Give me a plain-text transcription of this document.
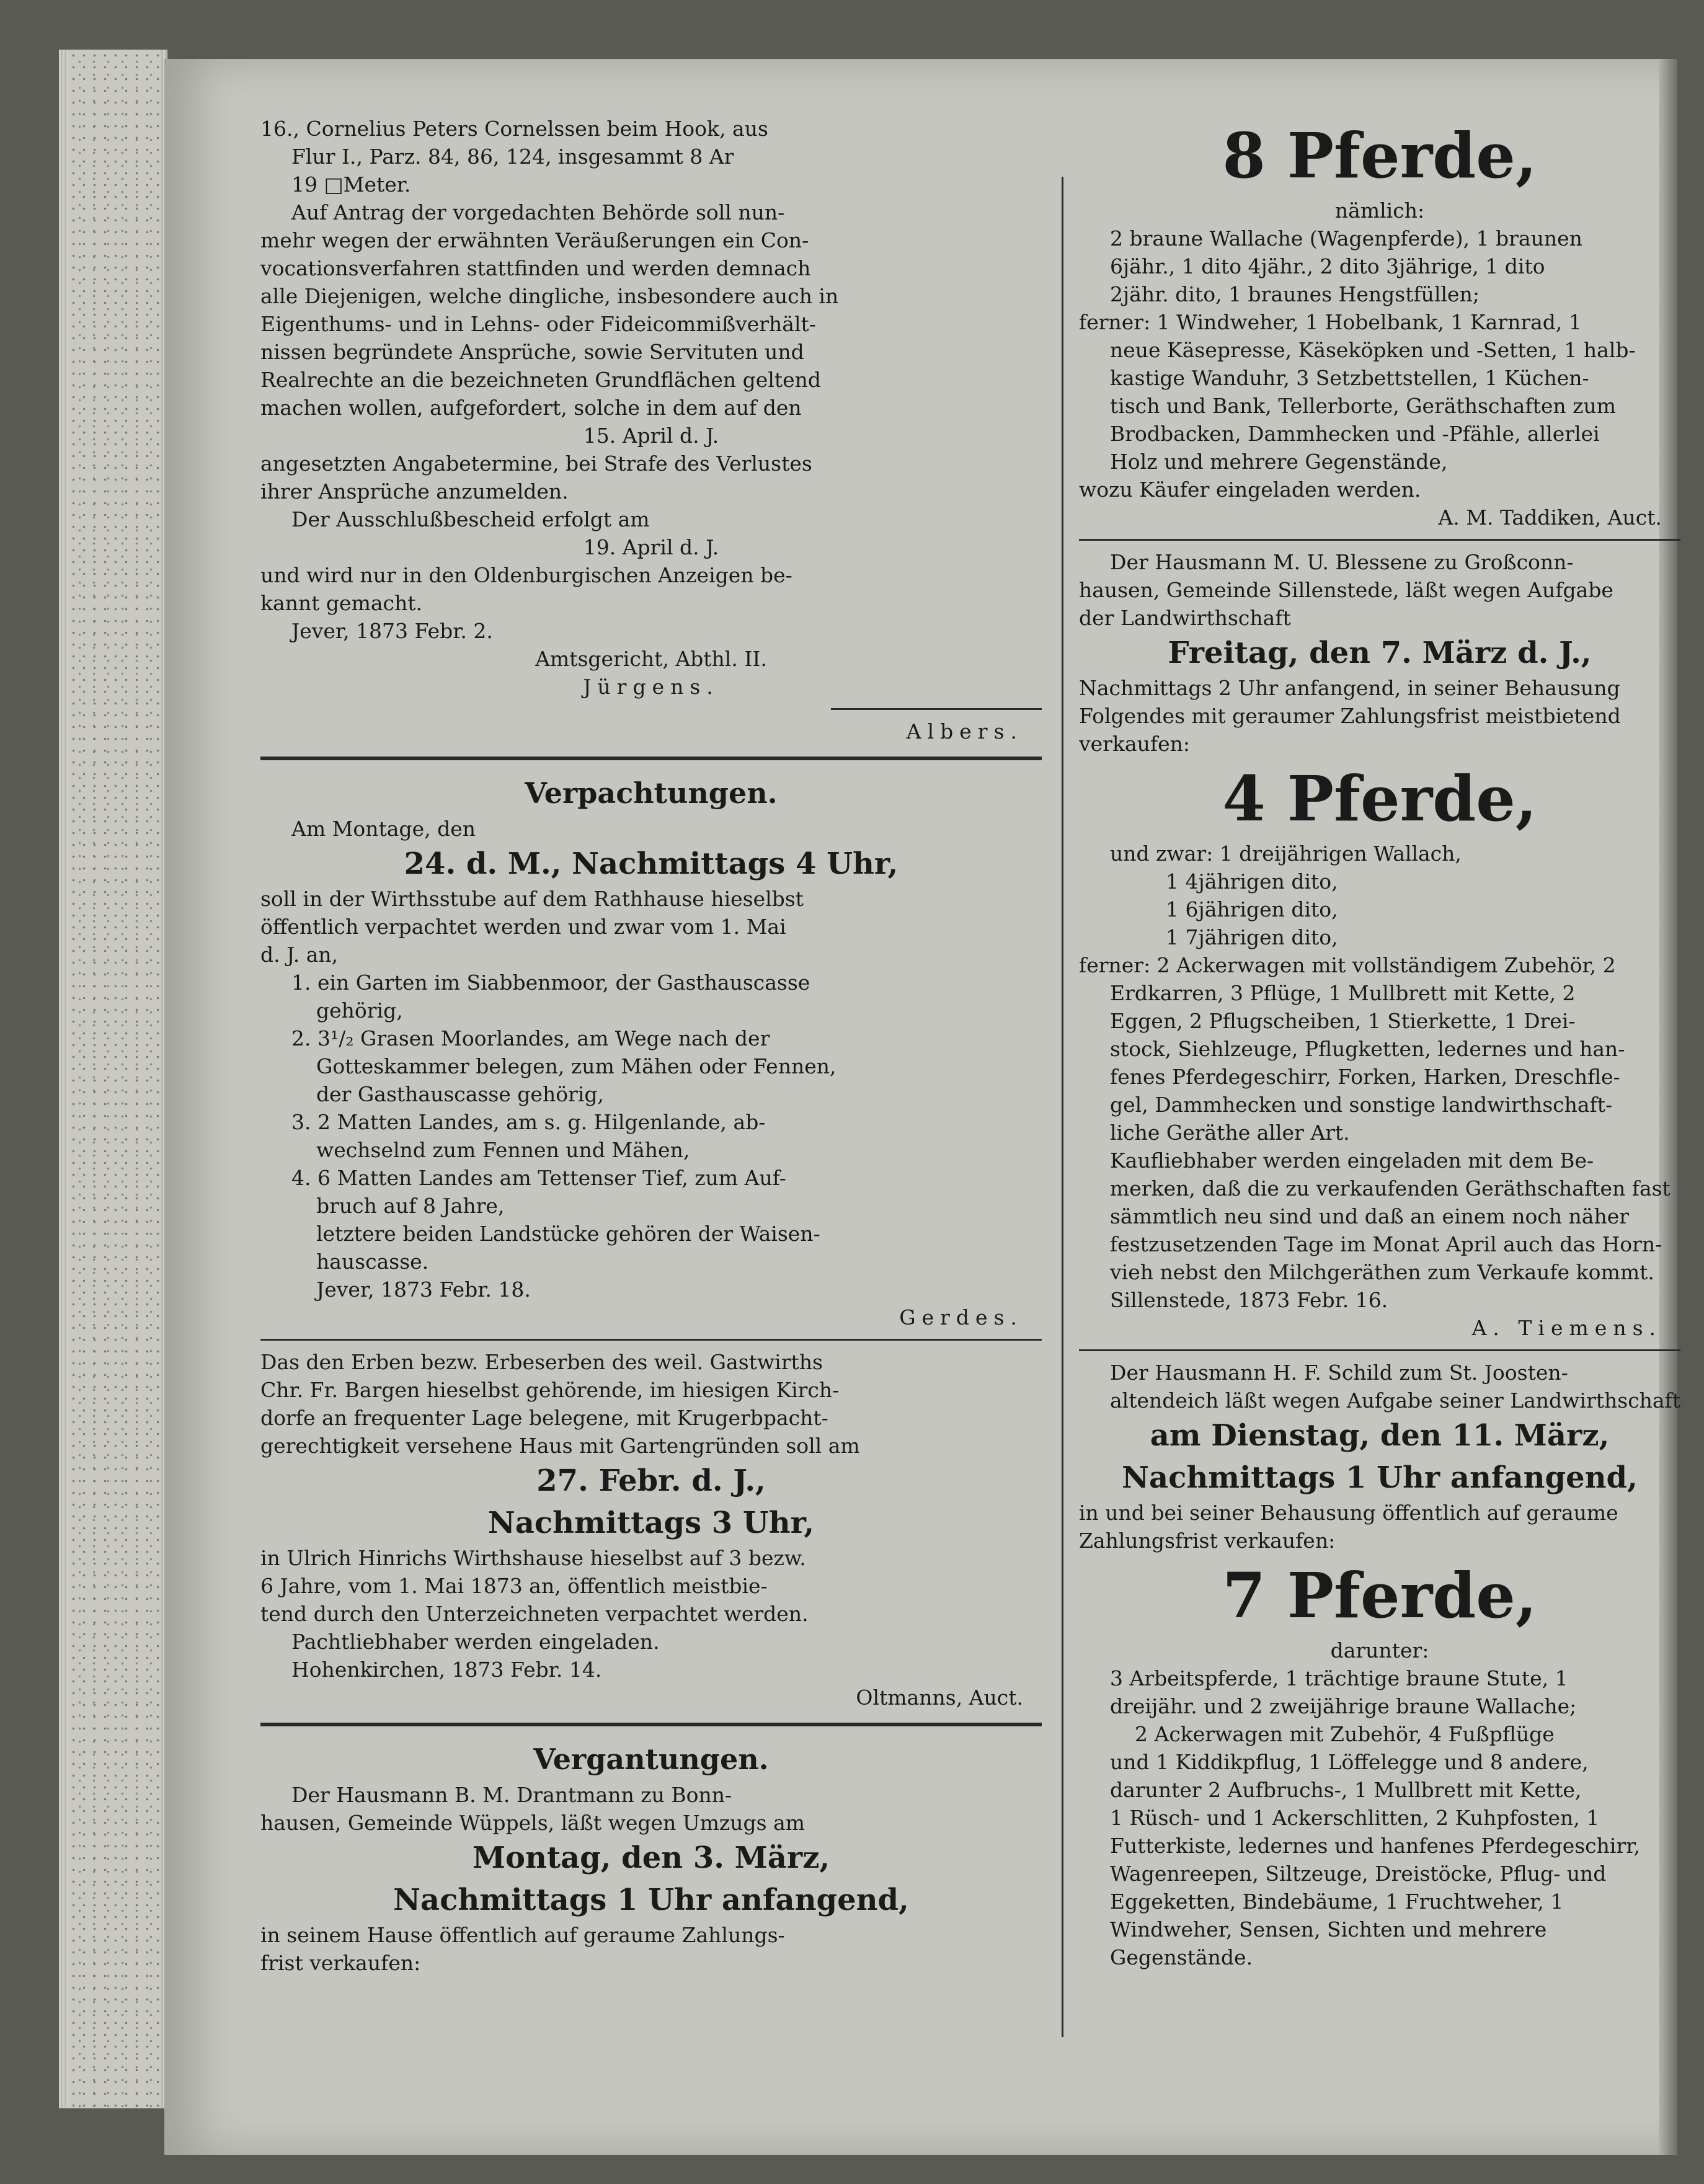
16., Cornelius Peters Cornelssen beim Hook, aus

Flur I., Parz. 84, 86, 124, insgesammt 8 Ar

19 □Meter.

Auf Antrag der vorgedachten Behörde soll nun-

mehr wegen der erwähnten Veräußerungen ein Con-

vocationsverfahren stattfinden und werden demnach

alle Diejenigen, welche dingliche, insbesondere auch in

Eigenthums- und in Lehns- oder Fideicommißverhält-

nissen begründete Ansprüche, sowie Servituten und

Realrechte an die bezeichneten Grundflächen geltend

machen wollen, aufgefordert, solche in dem auf den

15. April d. J.

angesetzten Angabetermine, bei Strafe des Verlustes

ihrer Ansprüche anzumelden.

Der Ausschlußbescheid erfolgt am

19. April d. J.

und wird nur in den Oldenburgischen Anzeigen be-

kannt gemacht.

Jever, 1873 Febr. 2.

Amtsgericht, Abthl. II.

Jürgens.

Albers.

Verpachtungen.

Am Montage, den

24. d. M., Nachmittags 4 Uhr,

soll in der Wirthsstube auf dem Rathhause hieselbst

öffentlich verpachtet werden und zwar vom 1. Mai

d. J. an,

1. ein Garten im Siabbenmoor, der Gasthauscasse

gehörig,

2. 3¹/₂ Grasen Moorlandes, am Wege nach der

Gotteskammer belegen, zum Mähen oder Fennen,

der Gasthauscasse gehörig,

3. 2 Matten Landes, am s. g. Hilgenlande, ab-

wechselnd zum Fennen und Mähen,

4. 6 Matten Landes am Tettenser Tief, zum Auf-

bruch auf 8 Jahre,

letztere beiden Landstücke gehören der Waisen-

hauscasse.

Jever, 1873 Febr. 18.

Gerdes.

Das den Erben bezw. Erbeserben des weil. Gastwirths

Chr. Fr. Bargen hieselbst gehörende, im hiesigen Kirch-

dorfe an frequenter Lage belegene, mit Krugerbpacht-

gerechtigkeit versehene Haus mit Gartengründen soll am

27. Febr. d. J.,

Nachmittags 3 Uhr,

in Ulrich Hinrichs Wirthshause hieselbst auf 3 bezw.

6 Jahre, vom 1. Mai 1873 an, öffentlich meistbie-

tend durch den Unterzeichneten verpachtet werden.

Pachtliebhaber werden eingeladen.

Hohenkirchen, 1873 Febr. 14.

Oltmanns, Auct.

Vergantungen.

Der Hausmann B. M. Drantmann zu Bonn-

hausen, Gemeinde Wüppels, läßt wegen Umzugs am

Montag, den 3. März,

Nachmittags 1 Uhr anfangend,

in seinem Hause öffentlich auf geraume Zahlungs-

frist verkaufen:

8 Pferde,

nämlich:

2 braune Wallache (Wagenpferde), 1 braunen

6jähr., 1 dito 4jähr., 2 dito 3jährige, 1 dito

2jähr. dito, 1 braunes Hengstfüllen;

ferner: 1 Windweher, 1 Hobelbank, 1 Karnrad, 1

neue Käsepresse, Käseköpken und -Setten, 1 halb-

kastige Wanduhr, 3 Setzbettstellen, 1 Küchen-

tisch und Bank, Tellerborte, Geräthschaften zum

Brodbacken, Dammhecken und -Pfähle, allerlei

Holz und mehrere Gegenstände,

wozu Käufer eingeladen werden.

A. M. Taddiken, Auct.

Der Hausmann M. U. Blessene zu Großconn-

hausen, Gemeinde Sillenstede, läßt wegen Aufgabe

der Landwirthschaft

Freitag, den 7. März d. J.,

Nachmittags 2 Uhr anfangend, in seiner Behausung

Folgendes mit geraumer Zahlungsfrist meistbietend

verkaufen:

4 Pferde,

und zwar: 1 dreijährigen Wallach,

1 4jährigen dito,

1 6jährigen dito,

1 7jährigen dito,

ferner: 2 Ackerwagen mit vollständigem Zubehör, 2

Erdkarren, 3 Pflüge, 1 Mullbrett mit Kette, 2

Eggen, 2 Pflugscheiben, 1 Stierkette, 1 Drei-

stock, Siehlzeuge, Pflugketten, ledernes und han-

fenes Pferdegeschirr, Forken, Harken, Dreschfle-

gel, Dammhecken und sonstige landwirthschaft-

liche Geräthe aller Art.

Kaufliebhaber werden eingeladen mit dem Be-

merken, daß die zu verkaufenden Geräthschaften fast

sämmtlich neu sind und daß an einem noch näher

festzusetzenden Tage im Monat April auch das Horn-

vieh nebst den Milchgeräthen zum Verkaufe kommt.

Sillenstede, 1873 Febr. 16.

A. Tiemens.

Der Hausmann H. F. Schild zum St. Joosten-

altendeich läßt wegen Aufgabe seiner Landwirthschaft

am Dienstag, den 11. März,

Nachmittags 1 Uhr anfangend,

in und bei seiner Behausung öffentlich auf geraume

Zahlungsfrist verkaufen:

7 Pferde,

darunter:

3 Arbeitspferde, 1 trächtige braune Stute, 1

dreijähr. und 2 zweijährige braune Wallache;

2 Ackerwagen mit Zubehör, 4 Fußpflüge

und 1 Kiddikpflug, 1 Löffelegge und 8 andere,

darunter 2 Aufbruchs-, 1 Mullbrett mit Kette,

1 Rüsch- und 1 Ackerschlitten, 2 Kuhpfosten, 1

Futterkiste, ledernes und hanfenes Pferdegeschirr,

Wagenreepen, Siltzeuge, Dreistöcke, Pflug- und

Eggeketten, Bindebäume, 1 Fruchtweher, 1

Windweher, Sensen, Sichten und mehrere

Gegenstände.
